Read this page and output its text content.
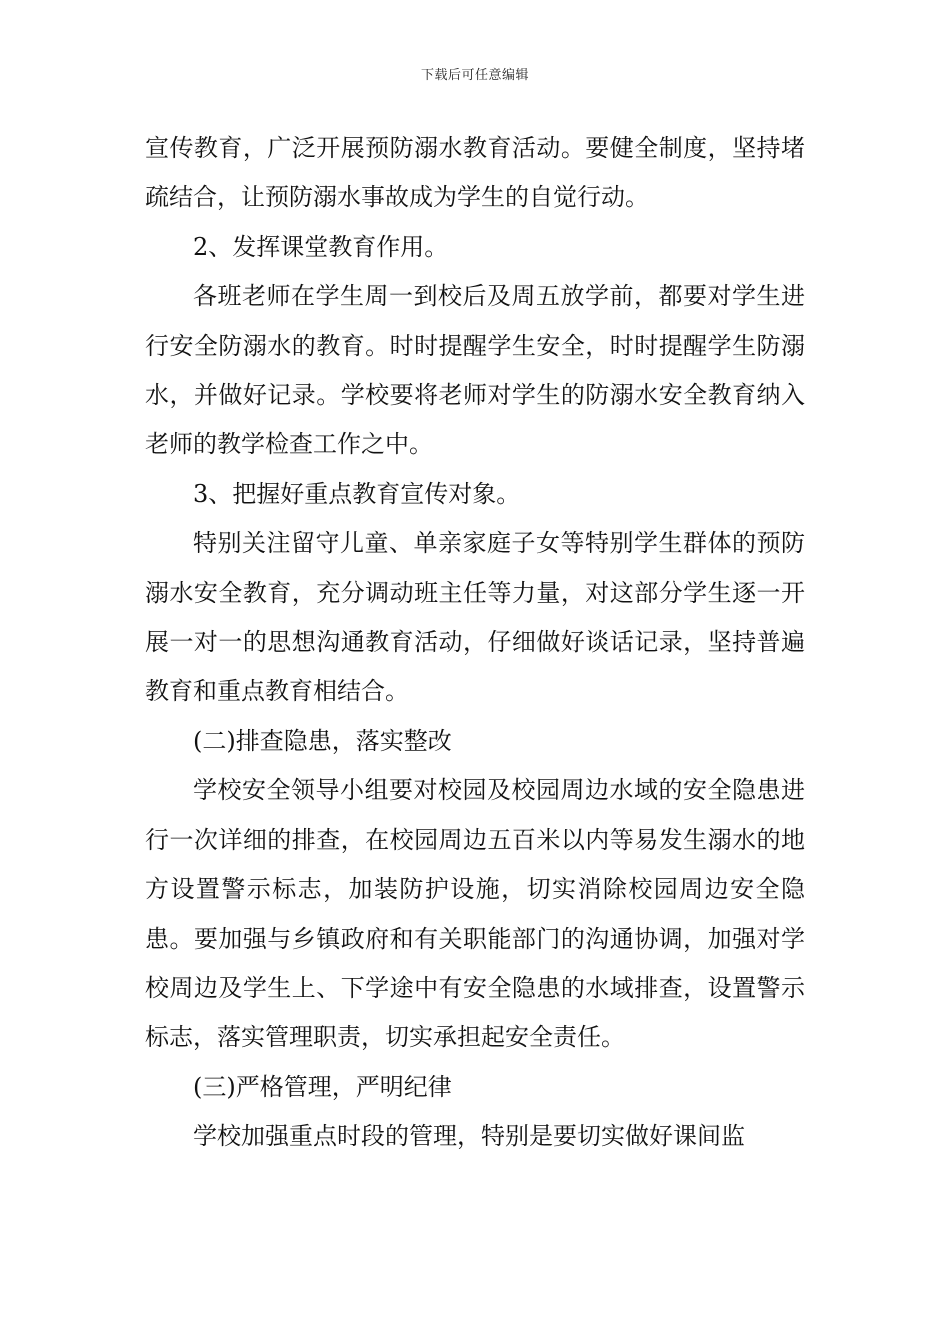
下载后可任意编辑

宣传教育，广泛开展预防溺水教育活动。要健全制度，坚持堵疏结合，让预防溺水事故成为学生的自觉行动。

2、发挥课堂教育作用。

各班老师在学生周一到校后及周五放学前，都要对学生进行安全防溺水的教育。时时提醒学生安全，时时提醒学生防溺水，并做好记录。学校要将老师对学生的防溺水安全教育纳入老师的教学检查工作之中。

3、把握好重点教育宣传对象。

特别关注留守儿童、单亲家庭子女等特别学生群体的预防溺水安全教育，充分调动班主任等力量，对这部分学生逐一开展一对一的思想沟通教育活动，仔细做好谈话记录，坚持普遍教育和重点教育相结合。

(二)排查隐患，落实整改

学校安全领导小组要对校园及校园周边水域的安全隐患进行一次详细的排查，在校园周边五百米以内等易发生溺水的地方设置警示标志，加装防护设施，切实消除校园周边安全隐患。要加强与乡镇政府和有关职能部门的沟通协调，加强对学校周边及学生上、下学途中有安全隐患的水域排查，设置警示标志，落实管理职责，切实承担起安全责任。

(三)严格管理，严明纪律

学校加强重点时段的管理，特别是要切实做好课间监
